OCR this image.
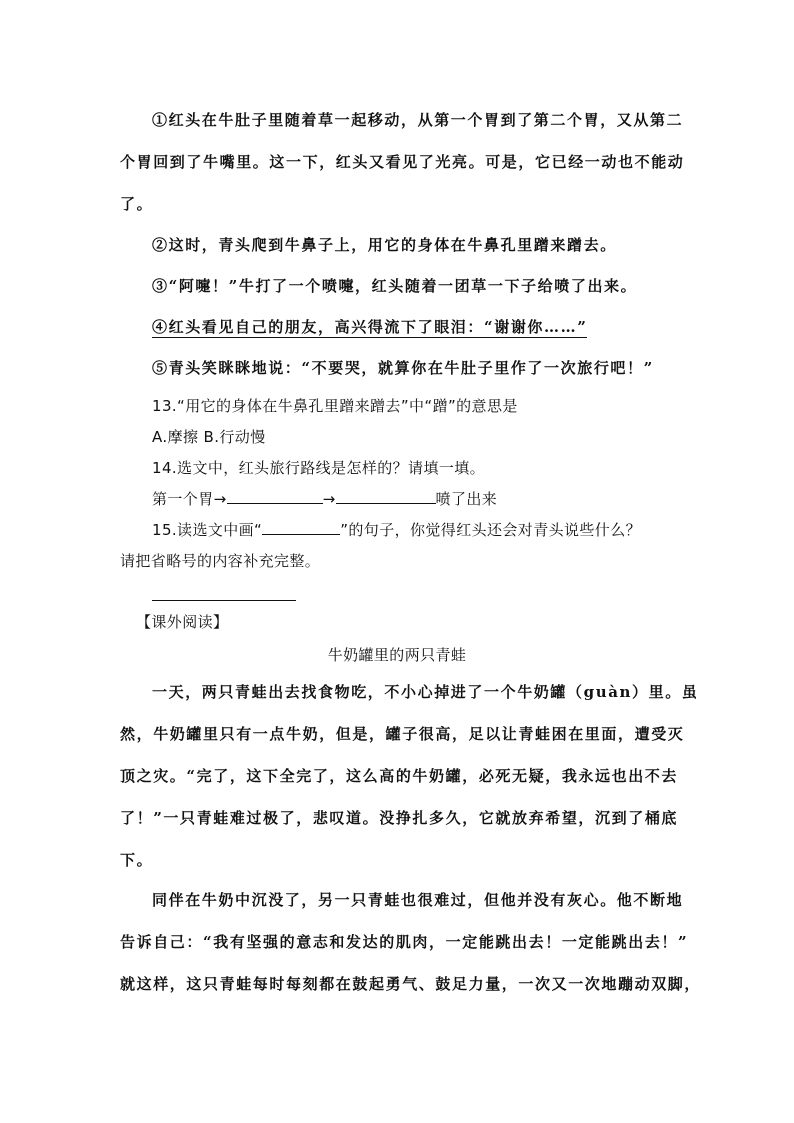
①红头在牛肚子里随着草一起移动，从第一个胃到了第二个胃，又从第二
个胃回到了牛嘴里。这一下，红头又看见了光亮。可是，它已经一动也不能动
了。
②这时，青头爬到牛鼻子上，用它的身体在牛鼻孔里蹭来蹭去。
③“阿嚏！”牛打了一个喷嚏，红头随着一团草一下子给喷了出来。
④红头看见自己的朋友，高兴得流下了眼泪：“谢谢你……”
⑤青头笑眯眯地说：“不要哭，就算你在牛肚子里作了一次旅行吧！”
13.“用它的身体在牛鼻孔里蹭来蹭去”中“蹭”的意思是
A.摩擦 B.行动慢
14.选文中，红头旅行路线是怎样的？请填一填。
第一个胃→	→	喷了出来
15.读选文中画“	”的句子，你觉得红头还会对青头说些什么？
请把省略号的内容补充完整。
【课外阅读】
牛奶罐里的两只青蛙
一天，两只青蛙出去找食物吃，不小心掉进了一个牛奶罐（guàn）里。虽
然，牛奶罐里只有一点牛奶，但是，罐子很高，足以让青蛙困在里面，遭受灭
顶之灾。“完了，这下全完了，这么高的牛奶罐，必死无疑，我永远也出不去
了！”一只青蛙难过极了，悲叹道。没挣扎多久，它就放弃希望，沉到了桶底
下。
同伴在牛奶中沉没了，另一只青蛙也很难过，但他并没有灰心。他不断地
告诉自己：“我有坚强的意志和发达的肌肉，一定能跳出去！一定能跳出去！”
就这样，这只青蛙每时每刻都在鼓起勇气、鼓足力量，一次又一次地蹦动双脚，
